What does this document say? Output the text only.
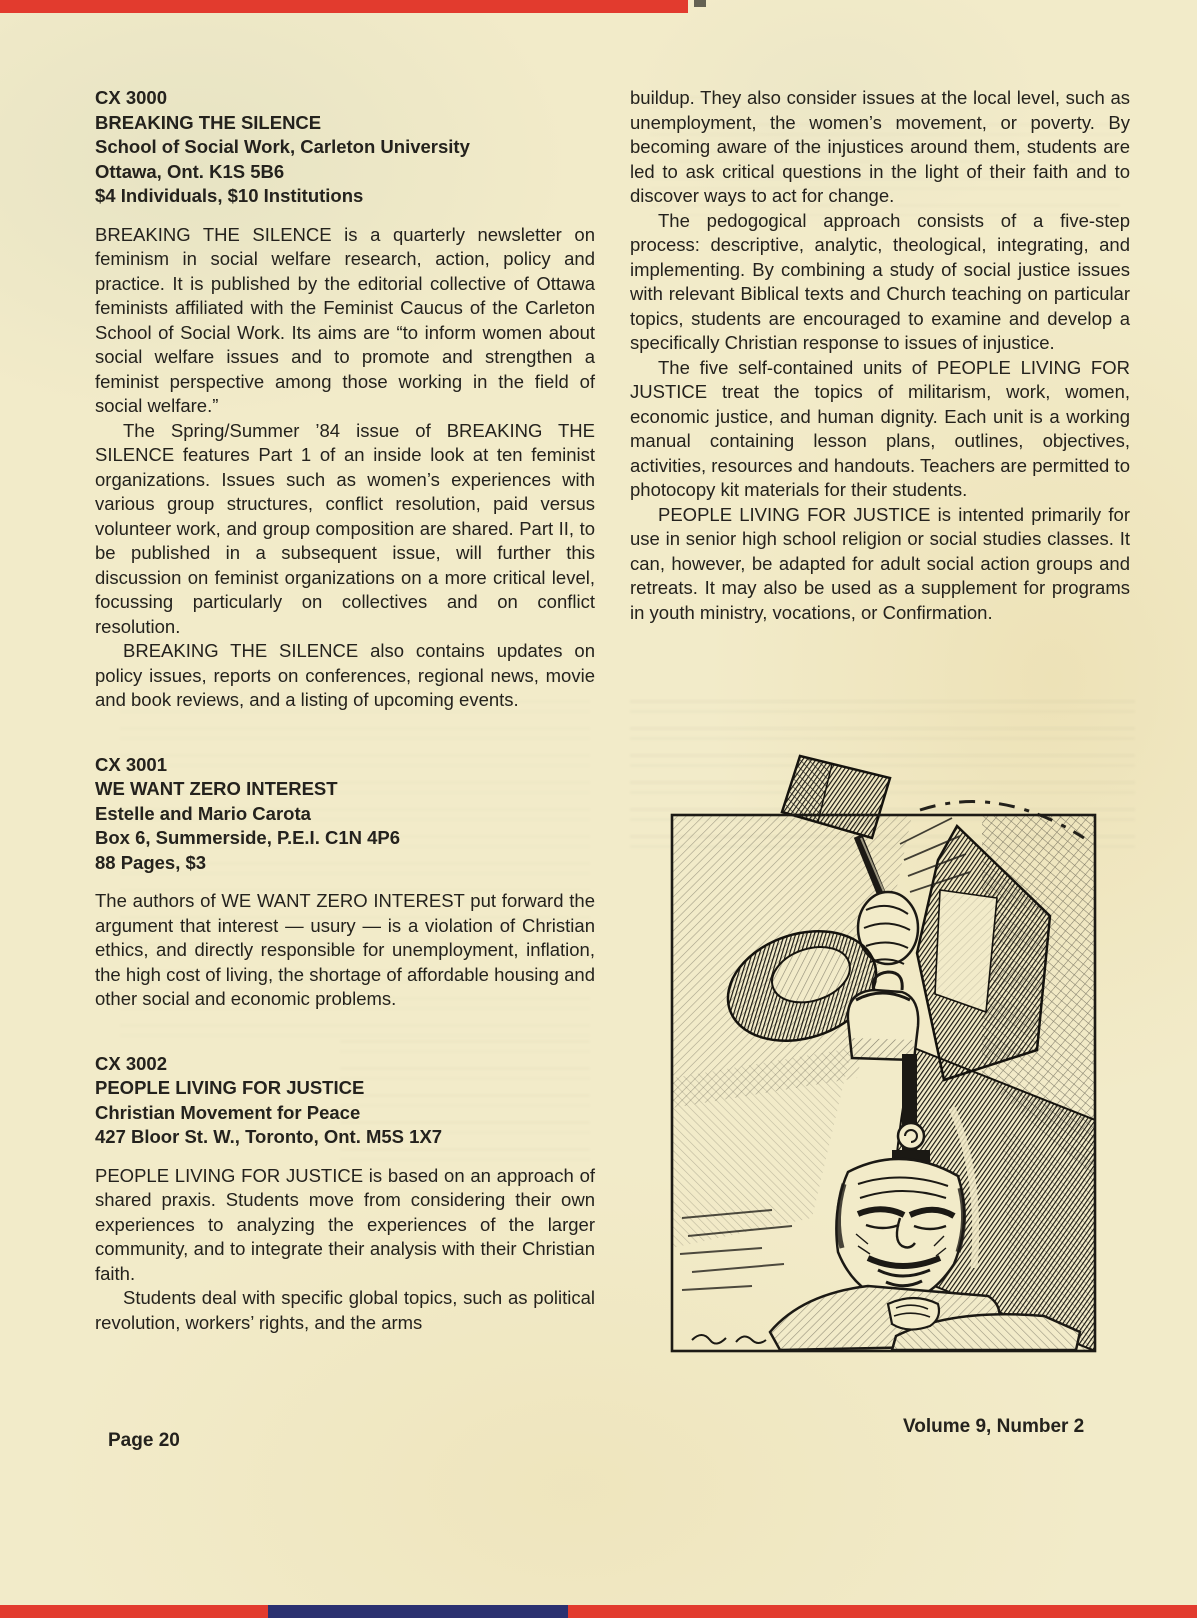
CX 3000
BREAKING THE SILENCE
School of Social Work, Carleton University
Ottawa, Ont. K1S 5B6
$4 Individuals, $10 Institutions

BREAKING THE SILENCE is a quarterly newsletter on feminism in social welfare research, action, policy and practice. It is published by the editorial collective of Ottawa feminists affiliated with the Feminist Caucus of the Carleton School of Social Work. Its aims are “to inform women about social welfare issues and to promote and strengthen a feminist perspective among those working in the field of social welfare.”

The Spring/Summer ’84 issue of BREAKING THE SILENCE features Part 1 of an inside look at ten feminist organizations. Issues such as women’s experiences with various group structures, conflict resolution, paid versus volunteer work, and group composition are shared. Part II, to be published in a subsequent issue, will further this discussion on feminist organizations on a more critical level, focussing particularly on collectives and on conflict resolution.

BREAKING THE SILENCE also contains updates on policy issues, reports on conferences, regional news, movie and book reviews, and a listing of upcoming events.

CX 3001
WE WANT ZERO INTEREST
Estelle and Mario Carota
Box 6, Summerside, P.E.I. C1N 4P6
88 Pages, $3

The authors of WE WANT ZERO INTEREST put forward the argument that interest — usury — is a violation of Christian ethics, and directly responsible for unemployment, inflation, the high cost of living, the shortage of affordable housing and other social and economic problems.

CX 3002
PEOPLE LIVING FOR JUSTICE
Christian Movement for Peace
427 Bloor St. W., Toronto, Ont. M5S 1X7

PEOPLE LIVING FOR JUSTICE is based on an approach of shared praxis. Students move from considering their own experiences to analyzing the experiences of the larger community, and to integrate their analysis with their Christian faith.

Students deal with specific global topics, such as political revolution, workers’ rights, and the arms

buildup. They also consider issues at the local level, such as unemployment, the women’s movement, or poverty. By becoming aware of the injustices around them, students are led to ask critical questions in the light of their faith and to discover ways to act for change.

The pedogogical approach consists of a five-step process: descriptive, analytic, theological, integrating, and implementing. By combining a study of social justice issues with relevant Biblical texts and Church teaching on particular topics, students are encouraged to examine and develop a specifically Christian response to issues of injustice.

The five self-contained units of PEOPLE LIVING FOR JUSTICE treat the topics of militarism, work, women, economic justice, and human dignity. Each unit is a working manual containing lesson plans, outlines, objectives, activities, resources and handouts. Teachers are permitted to photocopy kit materials for their students.

PEOPLE LIVING FOR JUSTICE is intented primarily for use in senior high school religion or social studies classes. It can, however, be adapted for adult social action groups and retreats. It may also be used as a supplement for programs in youth ministry, vocations, or Confirmation.

Page 20
Volume 9, Number 2
